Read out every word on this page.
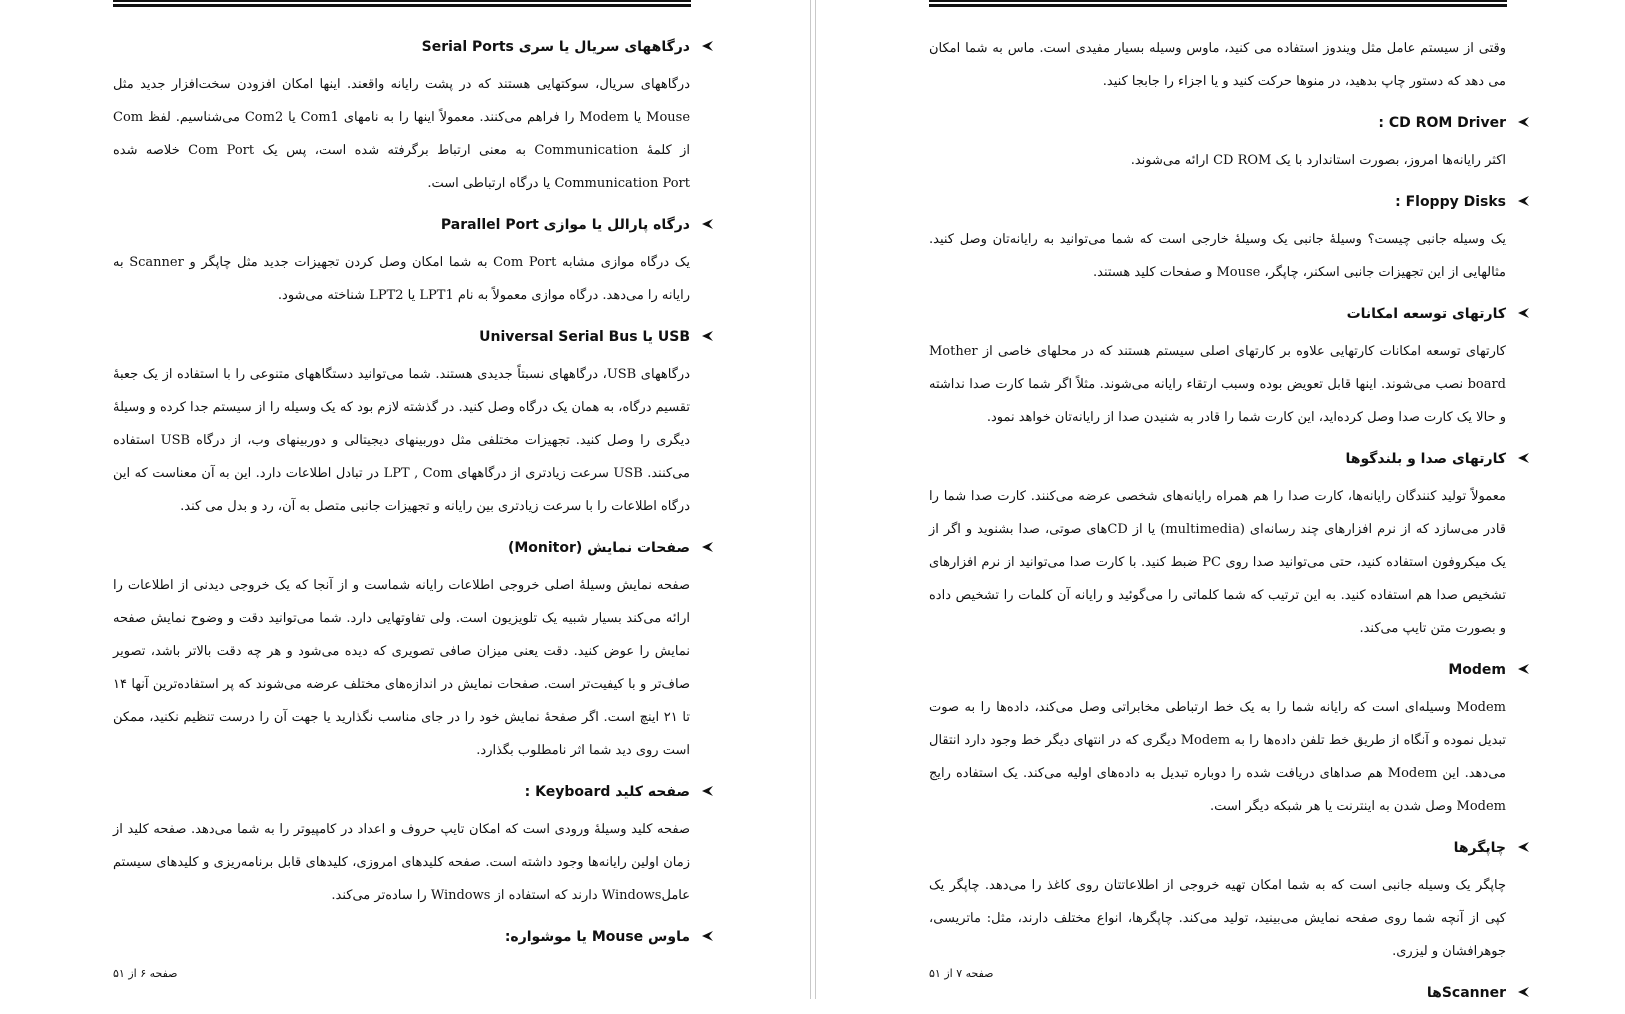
درگاههای سریال یا سری Serial Ports

درگاههای سریال، سوکتهایی هستند که در پشت رایانه واقعند. اینها امکان افزودن سخت‌افزار جدید مثل Mouse یا Modem را فراهم می‌کنند. معمولاً اینها را به نامهای Com1 یا Com2 می‌شناسیم. لفظ Com از کلمهٔ Communication به معنی ارتباط برگرفته شده است، پس یک Com Port خلاصه شده Communication Port یا درگاه ارتباطی است.

درگاه پارالل یا موازی Parallel Port

یک درگاه موازی مشابه Com Port به شما امکان وصل کردن تجهیزات جدید مثل چاپگر و Scanner به رایانه را می‌دهد. درگاه موازی معمولاً به نام LPT1 یا LPT2 شناخته می‌شود.

USB یا Universal Serial Bus

درگاههای USB، درگاههای نسبتاً جدیدی هستند. شما می‌توانید دستگاههای متنوعی را با استفاده از یک جعبهٔ تقسیم درگاه، به همان یک درگاه وصل کنید. در گذشته لازم بود که یک وسیله را از سیستم جدا کرده و وسیلهٔ دیگری را وصل کنید. تجهیزات مختلفی مثل دوربینهای دیجیتالی و دوربینهای وب، از درگاه USB استفاده می‌کنند. USB سرعت زیادتری از درگاههای LPT , Com در تبادل اطلاعات دارد. این به آن معناست که این درگاه اطلاعات را با سرعت زیادتری بین رایانه و تجهیزات جانبی متصل به آن، رد و بدل می کند.

صفحات نمایش (Monitor)

صفحه نمایش وسیلهٔ اصلی خروجی اطلاعات رایانه شماست و از آنجا که یک خروجی دیدنی از اطلاعات را ارائه می‌کند بسیار شبیه یک تلویزیون است. ولی تفاوتهایی دارد. شما می‌توانید دقت و وضوح نمایش صفحه نمایش را عوض کنید. دقت یعنی میزان صافی تصویری که دیده می‌شود و هر چه دقت بالاتر باشد، تصویر صاف‌تر و با کیفیت‌تر است. صفحات نمایش در اندازه‌های مختلف عرضه می‌شوند که پر استفاده‌ترین آنها ۱۴ تا ۲۱ اینچ است. اگر صفحهٔ نمایش خود را در جای مناسب نگذارید یا جهت آن را درست تنظیم نکنید، ممکن است روی دید شما اثر نامطلوب بگذارد.

صفحه کلید Keyboard :

صفحه کلید وسیلهٔ ورودی است که امکان تایپ حروف و اعداد در کامپیوتر را به شما می‌دهد. صفحه کلید از زمان اولین رایانه‌ها وجود داشته است. صفحه کلیدهای امروزی، کلیدهای قابل برنامه‌ریزی و کلیدهای سیستم عاملWindows دارند که استفاده از Windows را ساده‌تر می‌کند.

ماوس Mouse یا موشواره:
صفحه ۶ از ۵۱

وقتی از سیستم عامل مثل ویندوز استفاده می کنید، ماوس وسیله بسیار مفیدی است. ماس به شما امکان می دهد که دستور چاپ بدهید، در منوها حرکت کنید و یا اجزاء را جابجا کنید.

CD ROM Driver :

اکثر رایانه‌ها امروز، بصورت استاندارد با یک CD ROM ارائه می‌شوند.

Floppy Disks :

یک وسیله جانبی چیست؟ وسیلهٔ جانبی یک وسیلهٔ خارجی است که شما می‌توانید به رایانه‌تان وصل کنید. مثالهایی از این تجهیزات جانبی اسکنر، چاپگر، Mouse و صفحات کلید هستند.

کارتهای توسعه امکانات

کارتهای توسعه امکانات کارتهایی علاوه بر کارتهای اصلی سیستم هستند که در محلهای خاصی از Mother board نصب می‌شوند. اینها قابل تعویض بوده وسبب ارتقاء رایانه می‌شوند. مثلاً اگر شما کارت صدا نداشته و حالا یک کارت صدا وصل کرده‌اید، این کارت شما را قادر به شنیدن صدا از رایانه‌تان خواهد نمود.

کارتهای صدا و بلندگوها

معمولاً تولید کنندگان رایانه‌ها، کارت صدا را هم همراه رایانه‌های شخصی عرضه می‌کنند. کارت صدا شما را قادر می‌سازد که از نرم افزارهای چند رسانه‌ای (multimedia) یا از CDهای صوتی، صدا بشنوید و اگر از یک میکروفون استفاده کنید، حتی می‌توانید صدا روی PC ضبط کنید. با کارت صدا می‌توانید از نرم افزارهای تشخیص صدا هم استفاده کنید. به این ترتیب که شما کلماتی را می‌گوئید و رایانه آن کلمات را تشخیص داده و بصورت متن تایپ می‌کند.

Modem

Modem وسیله‌ای است که رایانه شما را به یک خط ارتباطی مخابراتی وصل می‌کند، داده‌ها را به صوت تبدیل نموده و آنگاه از طریق خط تلفن داده‌ها را به Modem دیگری که در انتهای دیگر خط وجود دارد انتقال می‌دهد. این Modem هم صداهای دریافت شده را دوباره تبدیل به داده‌های اولیه می‌کند. یک استفاده رایج Modem وصل شدن به اینترنت یا هر شبکه دیگر است.

چاپگرها

چاپگر یک وسیله جانبی است که به شما امکان تهیه خروجی از اطلاعاتتان روی کاغذ را می‌دهد. چاپگر یک کپی از آنچه شما روی صفحه نمایش می‌بینید، تولید می‌کند. چاپگرها، انواع مختلف دارند، مثل: ماتریسی، جوهرافشان و لیزری.

Scannerها
صفحه ۷ از ۵۱
